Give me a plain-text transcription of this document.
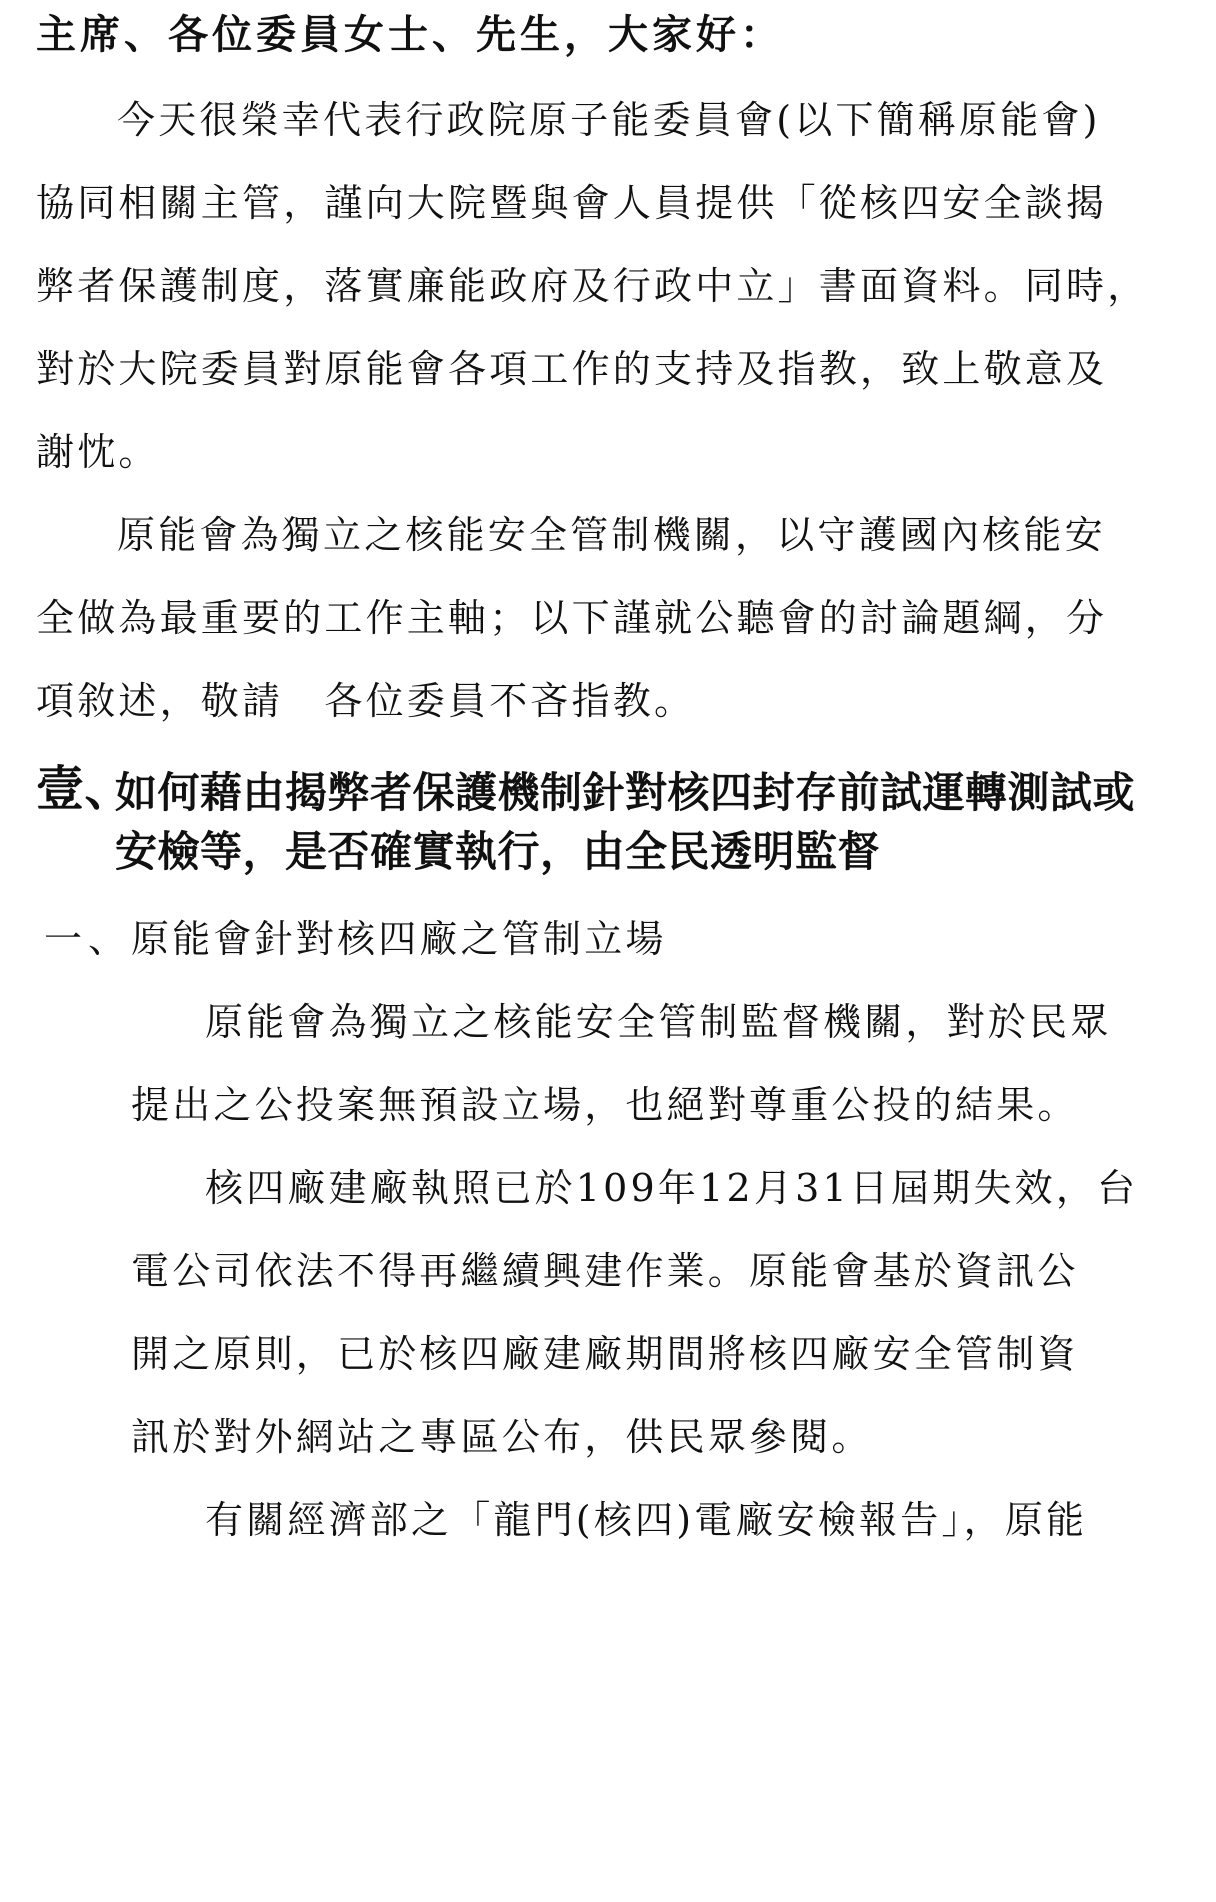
主席、各位委員女士、先生，大家好：
今天很榮幸代表行政院原子能委員會(以下簡稱原能會)
協同相關主管，謹向大院暨與會人員提供「從核四安全談揭
弊者保護制度，落實廉能政府及行政中立」書面資料。同時，
對於大院委員對原能會各項工作的支持及指教，致上敬意及
謝忱。
原能會為獨立之核能安全管制機關，以守護國內核能安
全做為最重要的工作主軸；以下謹就公聽會的討論題綱，分
項敘述，敬請　各位委員不吝指教。
壹、
如何藉由揭弊者保護機制針對核四封存前試運轉測試或
安檢等，是否確實執行，由全民透明監督
一、
原能會針對核四廠之管制立場
原能會為獨立之核能安全管制監督機關，對於民眾
提出之公投案無預設立場，也絕對尊重公投的結果。
核四廠建廠執照已於109年12月31日屆期失效，台
電公司依法不得再繼續興建作業。原能會基於資訊公
開之原則，已於核四廠建廠期間將核四廠安全管制資
訊於對外網站之專區公布，供民眾參閱。
有關經濟部之「龍門(核四)電廠安檢報告」，原能
